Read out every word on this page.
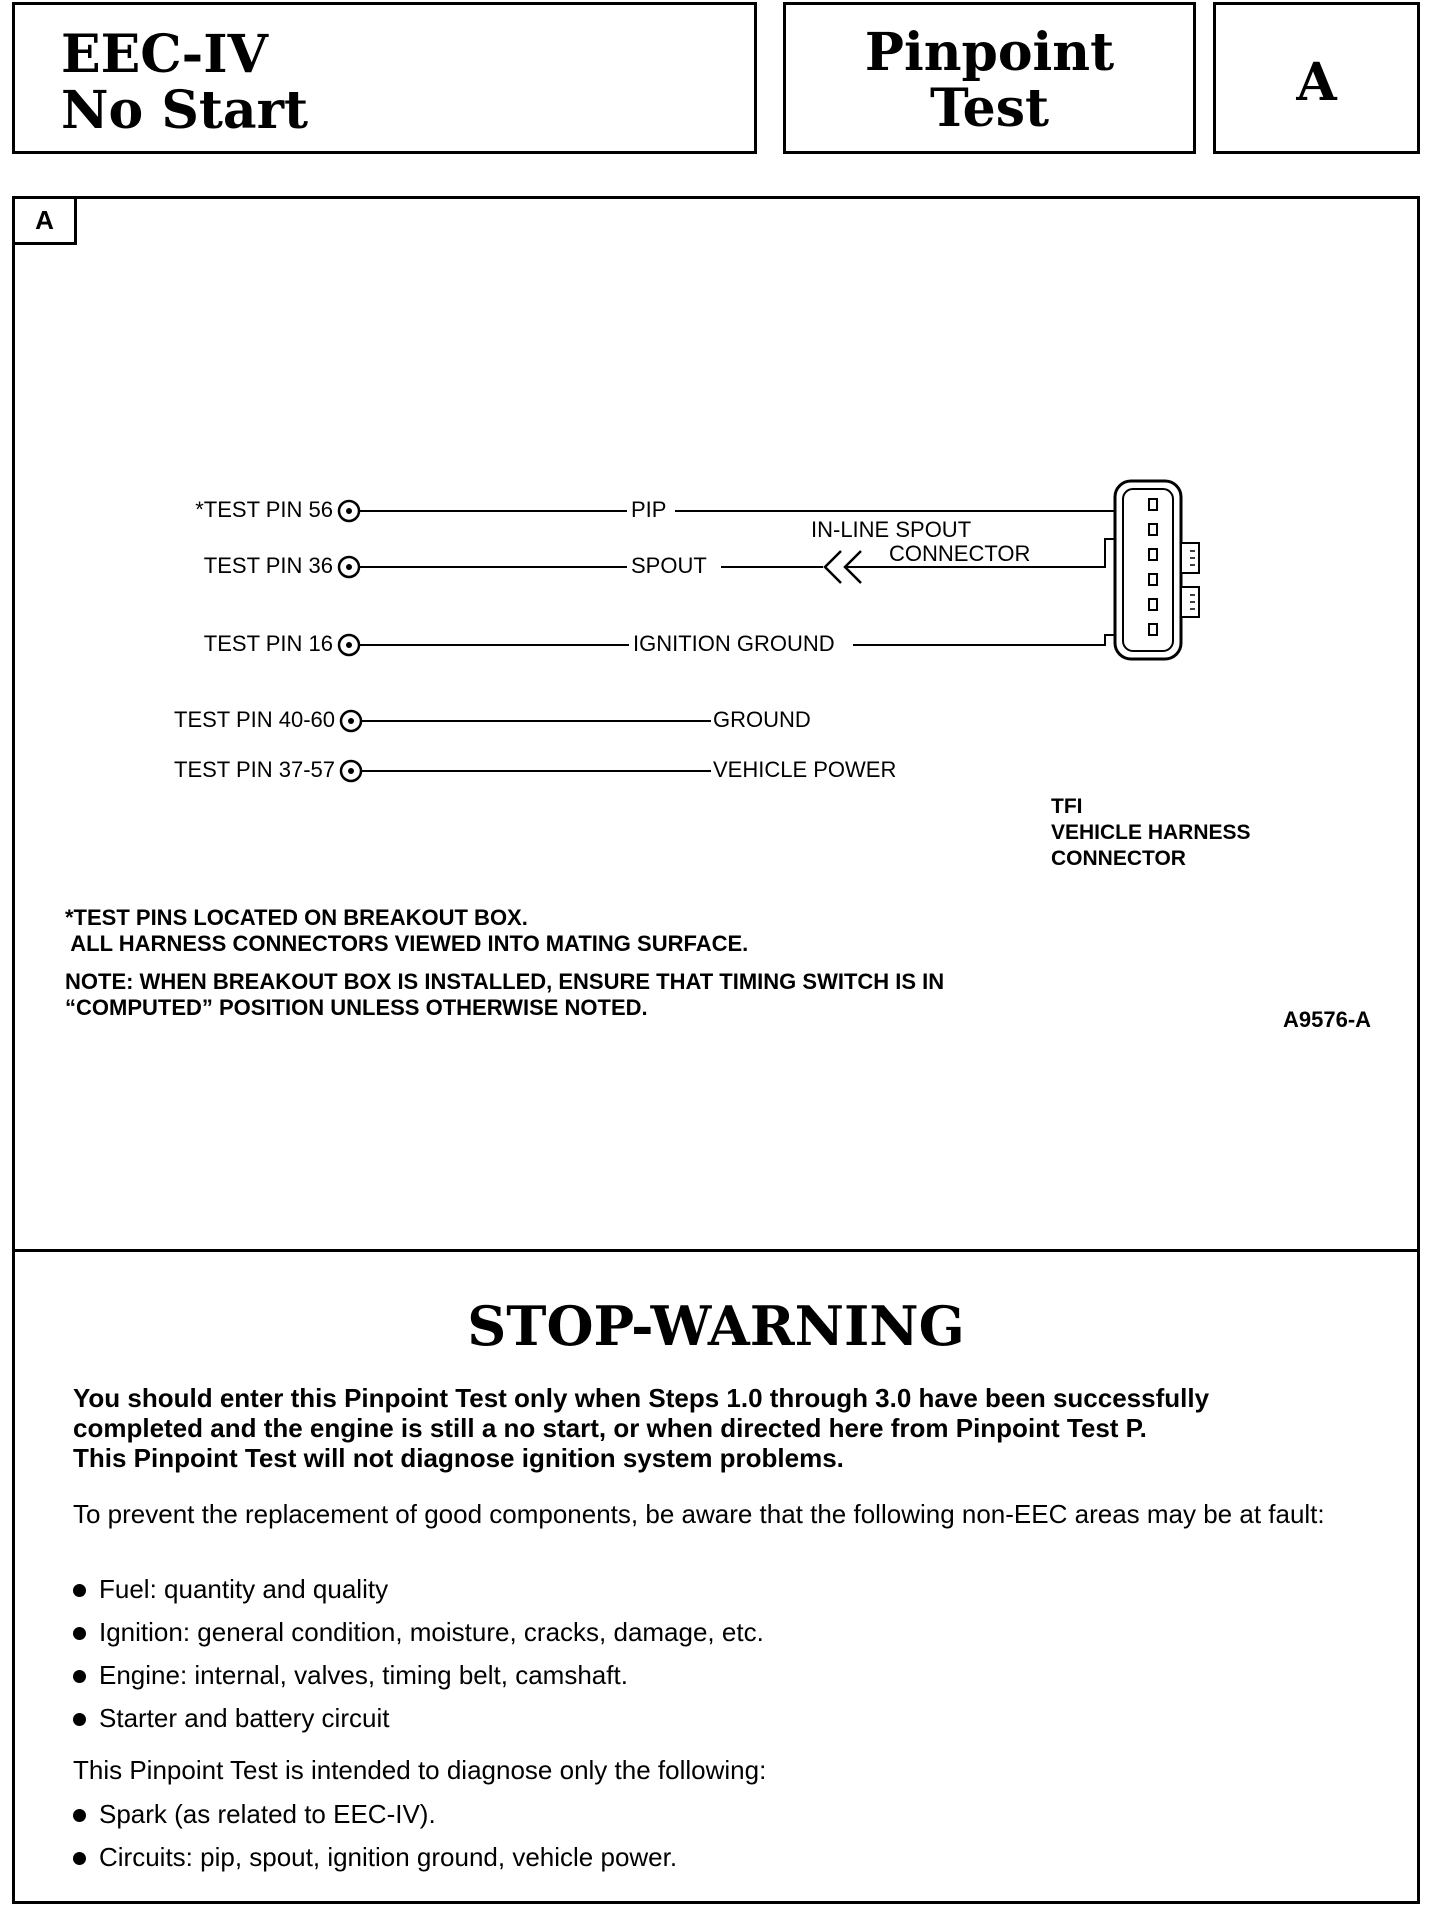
EEC-IV
No Start
Pinpoint
Test	A
A
*TEST PIN 56
TEST PIN 36
TEST PIN 16
TEST PIN 40-60
TEST PIN 37-57
PIP
SPOUT
IN-LINE SPOUT
CONNECTOR
IGNITION GROUND
GROUND
VEHICLE POWER
TFI
VEHICLE HARNESS
CONNECTOR
*TEST PINS LOCATED ON BREAKOUT BOX.
ALL HARNESS CONNECTORS VIEWED INTO MATING SURFACE.
NOTE: WHEN BREAKOUT BOX IS INSTALLED, ENSURE THAT TIMING SWITCH IS IN
“COMPUTED” POSITION UNLESS OTHERWISE NOTED.	A9576-A
STOP-WARNING
You should enter this Pinpoint Test only when Steps 1.0 through 3.0 have been successfully
completed and the engine is still a no start, or when directed here from Pinpoint Test P.
This Pinpoint Test will not diagnose ignition system problems.
To prevent the replacement of good components, be aware that the following non-EEC areas may be at fault:
Fuel: quantity and quality
Ignition: general condition, moisture, cracks, damage, etc.
Engine: internal, valves, timing belt, camshaft.
Starter and battery circuit
This Pinpoint Test is intended to diagnose only the following:
Spark (as related to EEC-IV).
Circuits: pip, spout, ignition ground, vehicle power.
